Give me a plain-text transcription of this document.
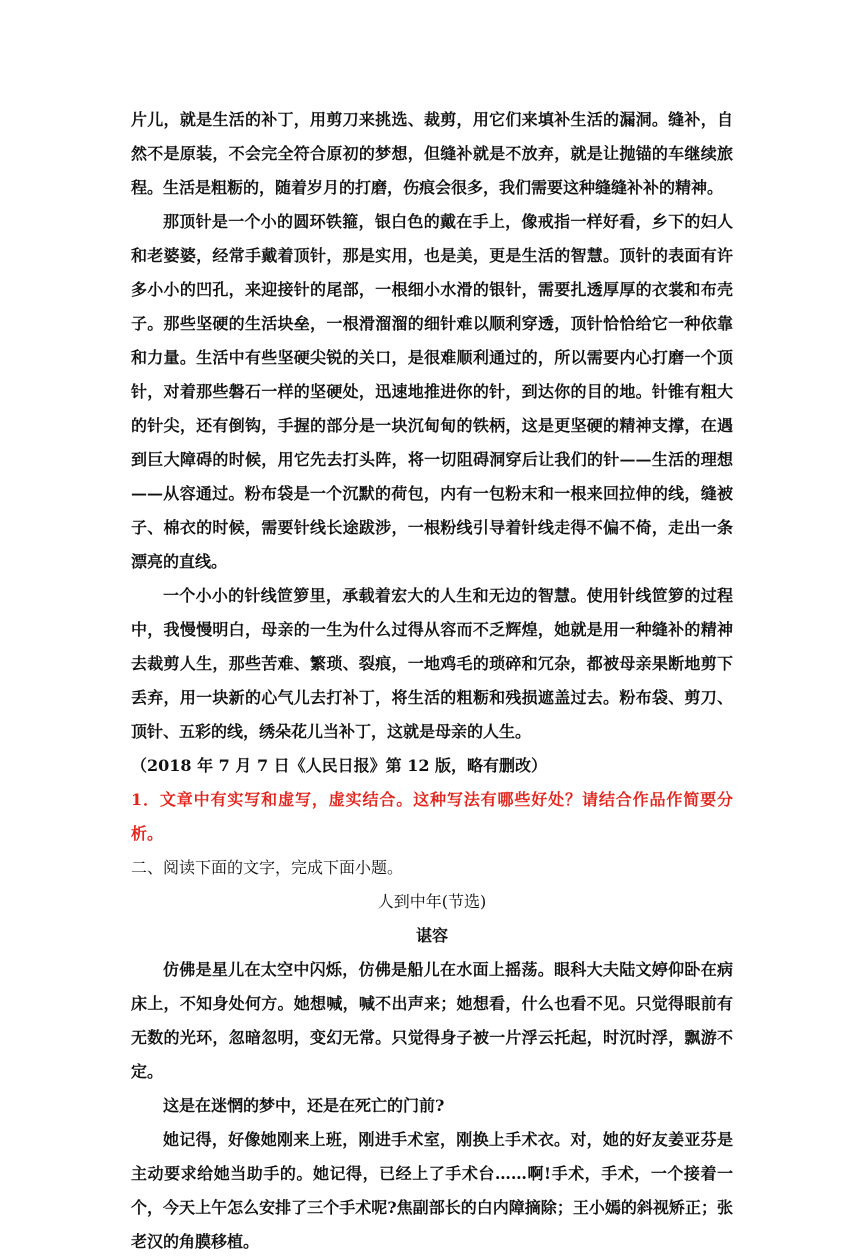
片儿，就是生活的补丁，用剪刀来挑选、裁剪，用它们来填补生活的漏洞。缝补，自然不是原装，不会完全符合原初的梦想，但缝补就是不放弃，就是让抛锚的车继续旅程。生活是粗粝的，随着岁月的打磨，伤痕会很多，我们需要这种缝缝补补的精神。

那顶针是一个小的圆环铁箍，银白色的戴在手上，像戒指一样好看，乡下的妇人和老婆婆，经常手戴着顶针，那是实用，也是美，更是生活的智慧。顶针的表面有许多小小的凹孔，来迎接针的尾部，一根细小水滑的银针，需要扎透厚厚的衣裳和布壳子。那些坚硬的生活块垒，一根滑溜溜的细针难以顺利穿透，顶针恰恰给它一种依靠和力量。生活中有些坚硬尖锐的关口，是很难顺利通过的，所以需要内心打磨一个顶针，对着那些磐石一样的坚硬处，迅速地推进你的针，到达你的目的地。针锥有粗大的针尖，还有倒钩，手握的部分是一块沉甸甸的铁柄，这是更坚硬的精神支撑，在遇到巨大障碍的时候，用它先去打头阵，将一切阻碍洞穿后让我们的针——生活的理想——从容通过。粉布袋是一个沉默的荷包，内有一包粉末和一根来回拉伸的线，缝被子、棉衣的时候，需要针线长途跋涉，一根粉线引导着针线走得不偏不倚，走出一条漂亮的直线。

一个小小的针线笸箩里，承载着宏大的人生和无边的智慧。使用针线笸箩的过程中，我慢慢明白，母亲的一生为什么过得从容而不乏辉煌，她就是用一种缝补的精神去裁剪人生，那些苦难、繁琐、裂痕，一地鸡毛的琐碎和冗杂，都被母亲果断地剪下丢弃，用一块新的心气儿去打补丁，将生活的粗粝和残损遮盖过去。粉布袋、剪刀、顶针、五彩的线，绣朵花儿当补丁，这就是母亲的人生。

（2018 年 7 月 7 日《人民日报》第 12 版，略有删改）

1．文章中有实写和虚写，虚实结合。这种写法有哪些好处？请结合作品作简要分析。

二、阅读下面的文字，完成下面小题。

人到中年(节选)

谌容

仿佛是星儿在太空中闪烁，仿佛是船儿在水面上摇荡。眼科大夫陆文婷仰卧在病床上，不知身处何方。她想喊，喊不出声来；她想看，什么也看不见。只觉得眼前有无数的光环，忽暗忽明，变幻无常。只觉得身子被一片浮云托起，时沉时浮，飘游不定。

这是在迷惘的梦中，还是在死亡的门前?

她记得，好像她刚来上班，刚进手术室，刚换上手术衣。对，她的好友姜亚芬是主动要求给她当助手的。她记得，已经上了手术台……啊!手术，手术，一个接着一个，今天上午怎么安排了三个手术呢?焦副部长的白内障摘除；王小嫣的斜视矫正；张老汉的角膜移植。
